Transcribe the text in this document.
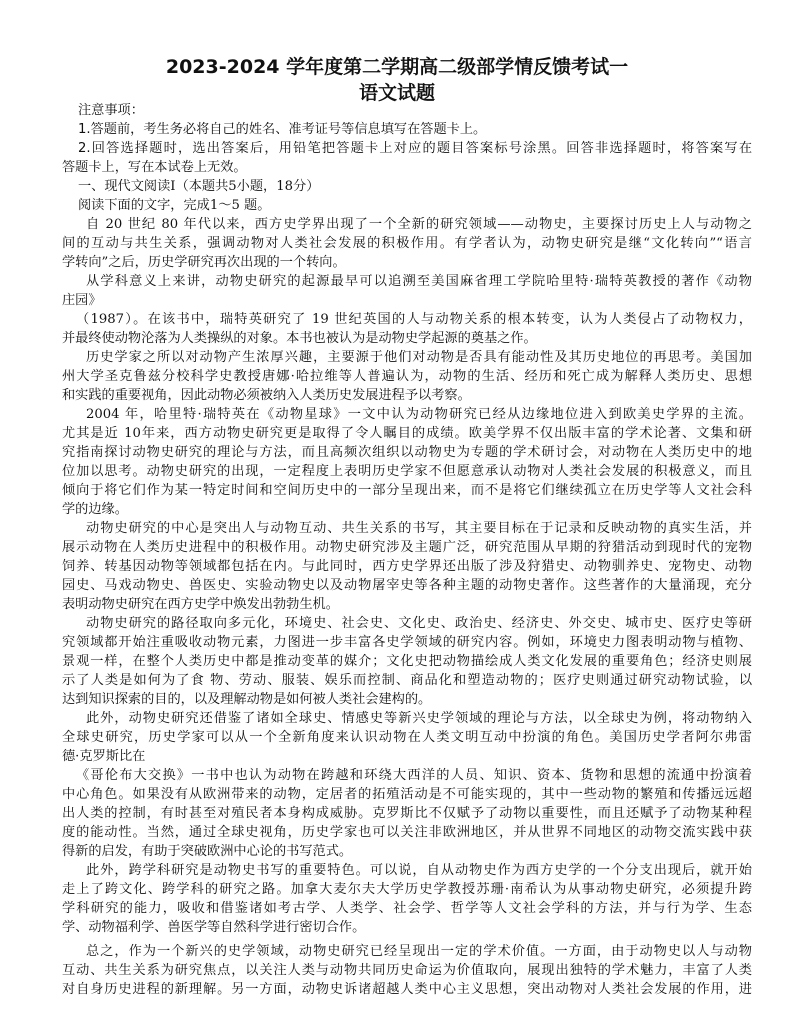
2023-2024 学年度第二学期高二级部学情反馈考试一
语文试题
注意事项：
1.答题前，考生务必将自己的姓名、准考证号等信息填写在答题卡上。
2.回答选择题时，选出答案后，用铅笔把答题卡上对应的题目答案标号涂黑。回答非选择题时，将答案写在
答题卡上，写在本试卷上无效。
一、现代文阅读Ⅰ（本题共5小题，18分）
阅读下面的文字，完成1～5 题。
自 20 世纪 80 年代以来，西方史学界出现了一个全新的研究领域——动物史，主要探讨历史上人与动物之
间的互动与共生关系，强调动物对人类社会发展的积极作用。有学者认为，动物史研究是继“文化转向”“语言
学转向”之后，历史学研究再次出现的一个转向。
从学科意义上来讲，动物史研究的起源最早可以追溯至美国麻省理工学院哈里特·瑞特英教授的著作《动物
庄园》
（1987）。在该书中，瑞特英研究了 19 世纪英国的人与动物关系的根本转变，认为人类侵占了动物权力，
并最终使动物沦落为人类操纵的对象。本书也被认为是动物史学起源的奠基之作。
历史学家之所以对动物产生浓厚兴趣，主要源于他们对动物是否具有能动性及其历史地位的再思考。美国加
州大学圣克鲁兹分校科学史教授唐娜·哈拉维等人普遍认为，动物的生活、经历和死亡成为解释人类历史、思想
和实践的重要视角，因此动物必须被纳入人类历史发展进程予以考察。
2004 年，哈里特·瑞特英在《动物星球》一文中认为动物研究已经从边缘地位进入到欧美史学界的主流。
尤其是近 10年来，西方动物史研究更是取得了令人瞩目的成绩。欧美学界不仅出版丰富的学术论著、文集和研
究指南探讨动物史研究的理论与方法，而且高频次组织以动物史为专题的学术研讨会，对动物在人类历史中的地
位加以思考。动物史研究的出现，一定程度上表明历史学家不但愿意承认动物对人类社会发展的积极意义，而且
倾向于将它们作为某一特定时间和空间历史中的一部分呈现出来，而不是将它们继续孤立在历史学等人文社会科
学的边缘。
动物史研究的中心是突出人与动物互动、共生关系的书写，其主要目标在于记录和反映动物的真实生活，并
展示动物在人类历史进程中的积极作用。动物史研究涉及主题广泛，研究范围从早期的狩猎活动到现时代的宠物
饲养、转基因动物等领域都包括在内。与此同时，西方史学界还出版了涉及狩猎史、动物驯养史、宠物史、动物
园史、马戏动物史、兽医史、实验动物史以及动物屠宰史等各种主题的动物史著作。这些著作的大量涌现，充分
表明动物史研究在西方史学中焕发出勃勃生机。
动物史研究的路径取向多元化，环境史、社会史、文化史、政治史、经济史、外交史、城市史、医疗史等研
究领域都开始注重吸收动物元素，力图进一步丰富各史学领域的研究内容。例如，环境史力图表明动物与植物、
景观一样，在整个人类历史中都是推动变革的媒介；文化史把动物描绘成人类文化发展的重要角色；经济史则展
示了人类是如何为了食 物、劳动、服装、娱乐而控制、商品化和塑造动物的；医疗史则通过研究动物试验，以
达到知识探索的目的，以及理解动物是如何被人类社会建构的。
此外，动物史研究还借鉴了诸如全球史、情感史等新兴史学领域的理论与方法，以全球史为例，将动物纳入
全球史研究，历史学家可以从一个全新角度来认识动物在人类文明互动中扮演的角色。美国历史学者阿尔弗雷
德·克罗斯比在
《哥伦布大交换》一书中也认为动物在跨越和环绕大西洋的人员、知识、资本、货物和思想的流通中扮演着
中心角色。如果没有从欧洲带来的动物，定居者的拓殖活动是不可能实现的，其中一些动物的繁殖和传播远远超
出人类的控制，有时甚至对殖民者本身构成威胁。克罗斯比不仅赋予了动物以重要性，而且还赋予了动物某种程
度的能动性。当然，通过全球史视角，历史学家也可以关注非欧洲地区，并从世界不同地区的动物交流实践中获
得新的启发，有助于突破欧洲中心论的书写范式。
此外，跨学科研究是动物史书写的重要特色。可以说，自从动物史作为西方史学的一个分支出现后，就开始
走上了跨文化、跨学科的研究之路。加拿大麦尔夫大学历史学教授苏珊·南希认为从事动物史研究，必须提升跨
学科研究的能力，吸收和借鉴诸如考古学、人类学、社会学、哲学等人文社会学科的方法，并与行为学、生态
学、动物福利学、兽医学等自然科学进行密切合作。
总之，作为一个新兴的史学领域，动物史研究已经呈现出一定的学术价值。一方面，由于动物史以人与动物
互动、共生关系为研究焦点，以关注人类与动物共同历史命运为价值取向，展现出独特的学术魅力，丰富了人类
对自身历史进程的新理解。另一方面，动物史诉诸超越人类中心主义思想，突出动物对人类社会发展的作用，进
